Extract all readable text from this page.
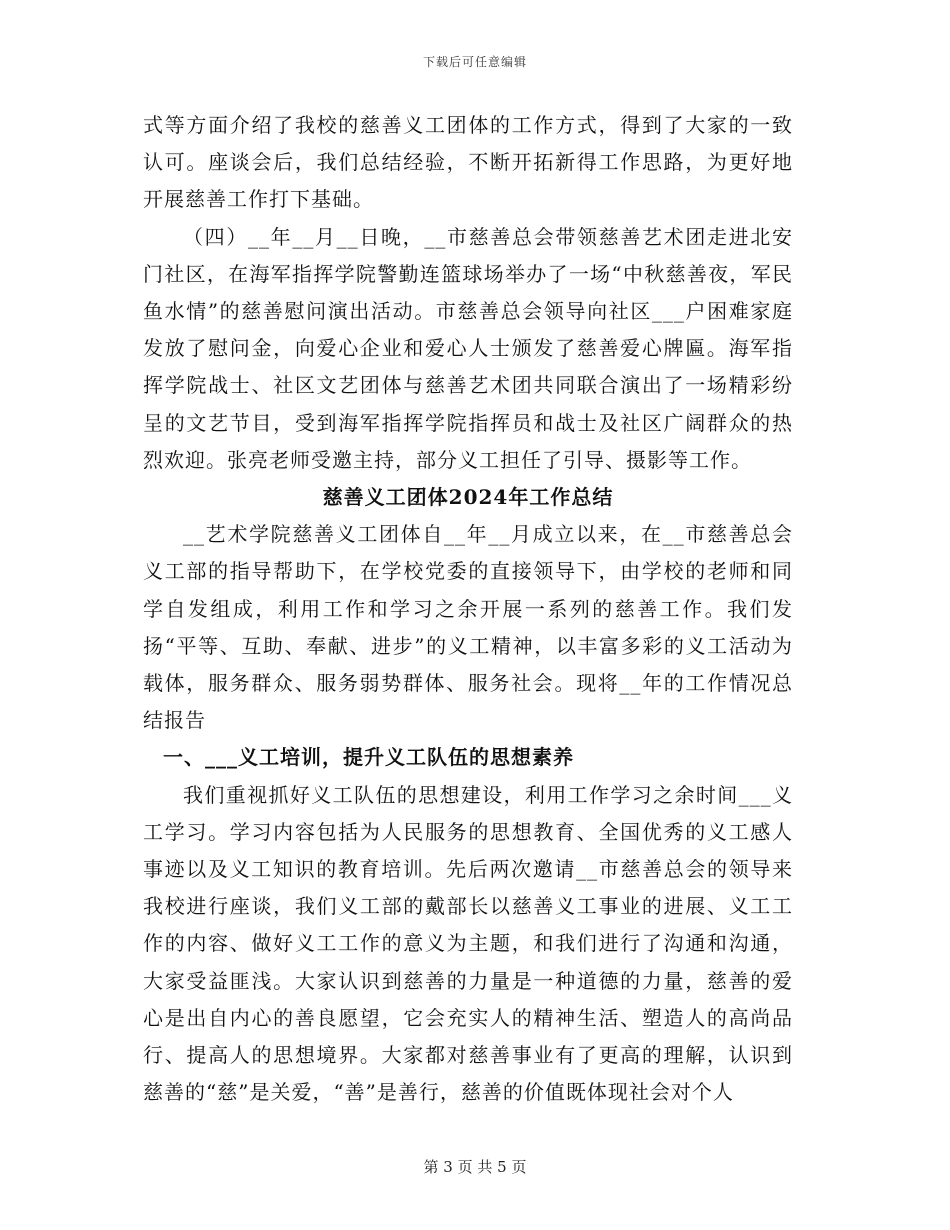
下载后可任意编辑

式等方面介绍了我校的慈善义工团体的工作方式，得到了大家的一致认可。座谈会后，我们总结经验，不断开拓新得工作思路，为更好地开展慈善工作打下基础。

（四）__年__月__日晚，__市慈善总会带领慈善艺术团走进北安门社区，在海军指挥学院警勤连篮球场举办了一场“中秋慈善夜，军民鱼水情”的慈善慰问演出活动。市慈善总会领导向社区___户困难家庭发放了慰问金，向爱心企业和爱心人士颁发了慈善爱心牌匾。海军指挥学院战士、社区文艺团体与慈善艺术团共同联合演出了一场精彩纷呈的文艺节目，受到海军指挥学院指挥员和战士及社区广阔群众的热烈欢迎。张亮老师受邀主持，部分义工担任了引导、摄影等工作。

慈善义工团体2024年工作总结

__艺术学院慈善义工团体自__年__月成立以来，在__市慈善总会义工部的指导帮助下，在学校党委的直接领导下，由学校的老师和同学自发组成，利用工作和学习之余开展一系列的慈善工作。我们发扬“平等、互助、奉献、进步”的义工精神，以丰富多彩的义工活动为载体，服务群众、服务弱势群体、服务社会。现将__年的工作情况总结报告

一、___义工培训，提升义工队伍的思想素养

我们重视抓好义工队伍的思想建设，利用工作学习之余时间___义工学习。学习内容包括为人民服务的思想教育、全国优秀的义工感人事迹以及义工知识的教育培训。先后两次邀请__市慈善总会的领导来我校进行座谈，我们义工部的戴部长以慈善义工事业的进展、义工工作的内容、做好义工工作的意义为主题，和我们进行了沟通和沟通，大家受益匪浅。大家认识到慈善的力量是一种道德的力量，慈善的爱心是出自内心的善良愿望，它会充实人的精神生活、塑造人的高尚品行、提高人的思想境界。大家都对慈善事业有了更高的理解，认识到慈善的“慈”是关爱，“善”是善行，慈善的价值既体现社会对个人

第 3 页 共 5 页
